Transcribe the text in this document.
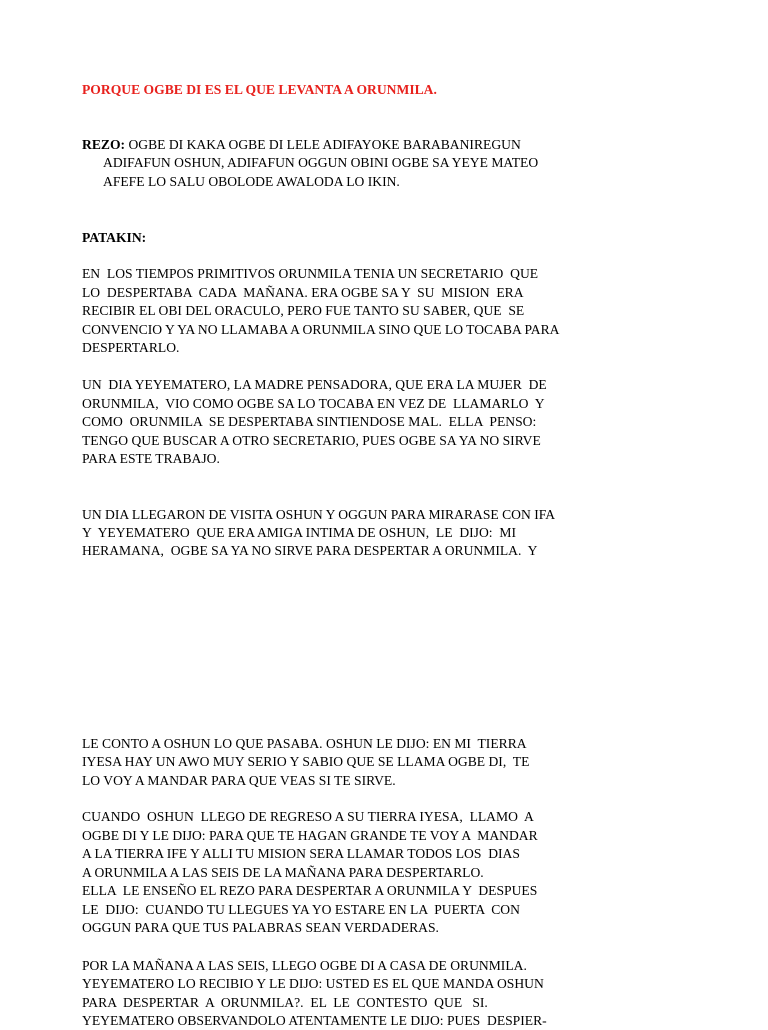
PORQUE OGBE DI ES EL QUE LEVANTA A ORUNMILA.
REZO: OGBE DI KAKA OGBE DI LELE ADIFAYOKE BARABANIREGUN
ADIFAFUN OSHUN, ADIFAFUN OGGUN OBINI OGBE SA YEYE MATEO
AFEFE LO SALU OBOLODE AWALODA LO IKIN.
PATAKIN:
EN  LOS TIEMPOS PRIMITIVOS ORUNMILA TENIA UN SECRETARIO  QUE
LO  DESPERTABA  CADA  MAÑANA. ERA OGBE SA Y  SU  MISION  ERA
RECIBIR EL OBI DEL ORACULO, PERO FUE TANTO SU SABER, QUE  SE
CONVENCIO Y YA NO LLAMABA A ORUNMILA SINO QUE LO TOCABA PARA
DESPERTARLO.
UN  DIA YEYEMATERO, LA MADRE PENSADORA, QUE ERA LA MUJER  DE
ORUNMILA,  VIO COMO OGBE SA LO TOCABA EN VEZ DE  LLAMARLO  Y
COMO  ORUNMILA  SE DESPERTABA SINTIENDOSE MAL.  ELLA  PENSO:
TENGO QUE BUSCAR A OTRO SECRETARIO, PUES OGBE SA YA NO SIRVE
PARA ESTE TRABAJO.
UN DIA LLEGARON DE VISITA OSHUN Y OGGUN PARA MIRARASE CON IFA
Y  YEYEMATERO  QUE ERA AMIGA INTIMA DE OSHUN,  LE  DIJO:  MI
HERAMANA,  OGBE SA YA NO SIRVE PARA DESPERTAR A ORUNMILA.  Y
LE CONTO A OSHUN LO QUE PASABA. OSHUN LE DIJO: EN MI  TIERRA
IYESA HAY UN AWO MUY SERIO Y SABIO QUE SE LLAMA OGBE DI,  TE
LO VOY A MANDAR PARA QUE VEAS SI TE SIRVE.
CUANDO  OSHUN  LLEGO DE REGRESO A SU TIERRA IYESA,  LLAMO  A
OGBE DI Y LE DIJO: PARA QUE TE HAGAN GRANDE TE VOY A  MANDAR
A LA TIERRA IFE Y ALLI TU MISION SERA LLAMAR TODOS LOS  DIAS
A ORUNMILA A LAS SEIS DE LA MAÑANA PARA DESPERTARLO.
ELLA  LE ENSEÑO EL REZO PARA DESPERTAR A ORUNMILA Y  DESPUES
LE  DIJO:  CUANDO TU LLEGUES YA YO ESTARE EN LA  PUERTA  CON
OGGUN PARA QUE TUS PALABRAS SEAN VERDADERAS.
POR LA MAÑANA A LAS SEIS, LLEGO OGBE DI A CASA DE ORUNMILA.
YEYEMATERO LO RECIBIO Y LE DIJO: USTED ES EL QUE MANDA OSHUN
PARA  DESPERTAR  A  ORUNMILA?.  EL  LE  CONTESTO  QUE   SI.
YEYEMATERO OBSERVANDOLO ATENTAMENTE LE DIJO: PUES  DESPIER-
